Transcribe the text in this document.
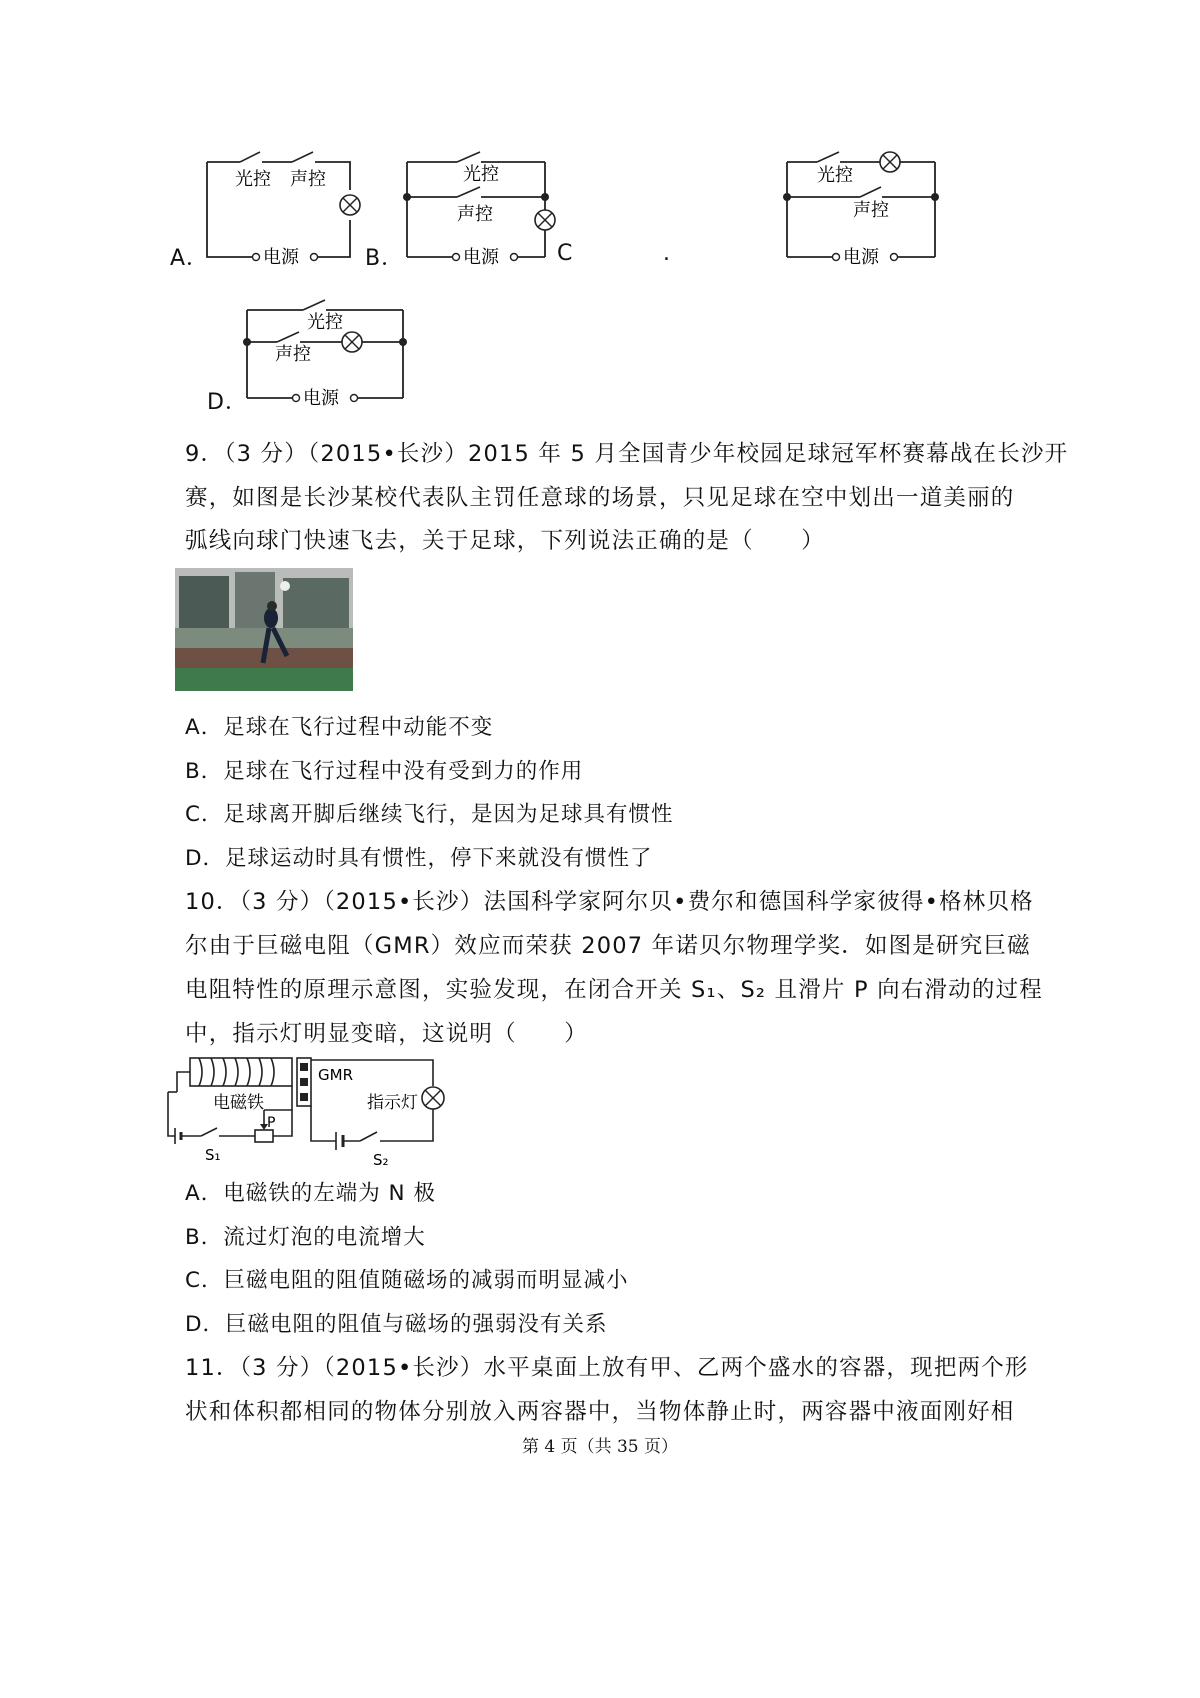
A．
光控 声控
电源	B．
光控
声控
电源	C	.
光控
声控
电源
D．
光控
声控
电源
9．（3 分）（2015•长沙）2015 年 5 月全国青少年校园足球冠军杯赛幕战在长沙开
赛，如图是长沙某校代表队主罚任意球的场景，只见足球在空中划出一道美丽的
弧线向球门快速飞去，关于足球，下列说法正确的是（　　）
A．足球在飞行过程中动能不变
B．足球在飞行过程中没有受到力的作用
C．足球离开脚后继续飞行，是因为足球具有惯性
D．足球运动时具有惯性，停下来就没有惯性了
10．（3 分）（2015•长沙）法国科学家阿尔贝•费尔和德国科学家彼得•格林贝格
尔由于巨磁电阻（GMR）效应而荣获 2007 年诺贝尔物理学奖．如图是研究巨磁
电阻特性的原理示意图，实验发现，在闭合开关 S₁、S₂ 且滑片 P 向右滑动的过程
中，指示灯明显变暗，这说明（　　）
电磁铁
GMR
指示灯
P
S₁	S₂
A．电磁铁的左端为 N 极
B．流过灯泡的电流增大
C．巨磁电阻的阻值随磁场的减弱而明显减小
D．巨磁电阻的阻值与磁场的强弱没有关系
11．（3 分）（2015•长沙）水平桌面上放有甲、乙两个盛水的容器，现把两个形
状和体积都相同的物体分别放入两容器中，当物体静止时，两容器中液面刚好相
第 4 页（共 35 页）
